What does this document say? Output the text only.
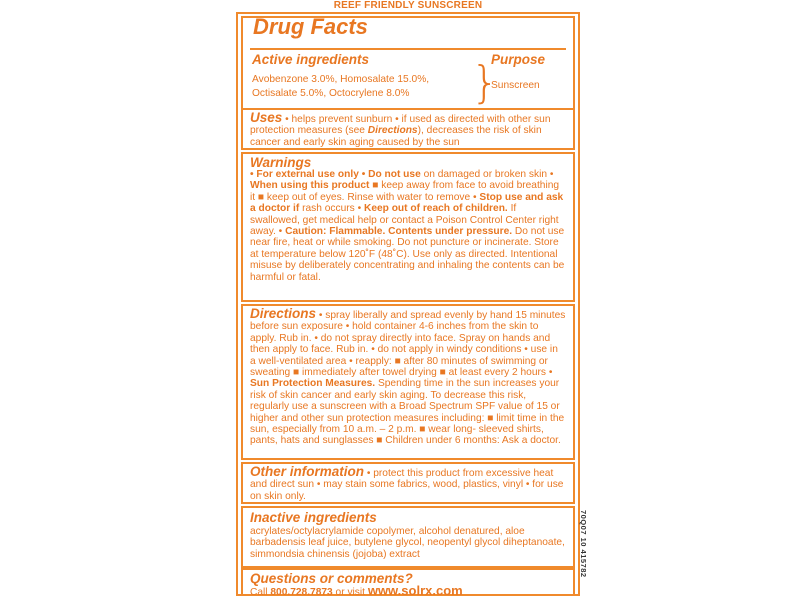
REEF FRIENDLY SUNSCREEN
Drug Facts
Active ingredients
Avobenzone 3.0%, Homosalate 15.0%,
Octisalate 5.0%, Octocrylene 8.0%	}
Purpose
Sunscreen
Uses • helps prevent sunburn • if used as directed with other sun protection measures (see Directions), decreases the risk of skin cancer and early skin aging caused by the sun
Warnings
• For external use only • Do not use on damaged or broken skin • When using this product ■ keep away from face to avoid breathing it ■ keep out of eyes. Rinse with water to remove • Stop use and ask a doctor if rash occurs • Keep out of reach of children. If swallowed, get medical help or contact a Poison Control Center right away. • Caution: Flammable. Contents under pressure. Do not use near fire, heat or while smoking. Do not puncture or incinerate. Store at temperature below 120˚F (48˚C). Use only as directed. Intentional misuse by deliberately concentrating and inhaling the contents can be harmful or fatal.
Directions • spray liberally and spread evenly by hand 15 minutes before sun exposure • hold container 4-6 inches from the skin to apply. Rub in. • do not spray directly into face. Spray on hands and then apply to face. Rub in. • do not apply in windy conditions • use in a well-ventilated area • reapply: ■ after 80 minutes of swimming or sweating ■ immediately after towel drying ■ at least every 2 hours • Sun Protection Measures. Spending time in the sun increases your risk of skin cancer and early skin aging. To decrease this risk, regularly use a sunscreen with a Broad Spectrum SPF value of 15 or higher and other sun protection measures including: ■ limit time in the sun, especially from 10 a.m. – 2 p.m. ■ wear long- sleeved shirts, pants, hats and sunglasses ■ Children under 6 months: Ask a doctor.
Other information • protect this product from excessive heat and direct sun • may stain some fabrics, wood, plastics, vinyl • for use on skin only.
Inactive ingredients
acrylates/octylacrylamide copolymer, alcohol denatured, aloe barbadensis leaf juice, butylene glycol, neopentyl glycol diheptanoate, simmondsia chinensis (jojoba) extract
Questions or comments?
Call 800.728.7873 or visit www.solrx.com
70Q07 10 415782
